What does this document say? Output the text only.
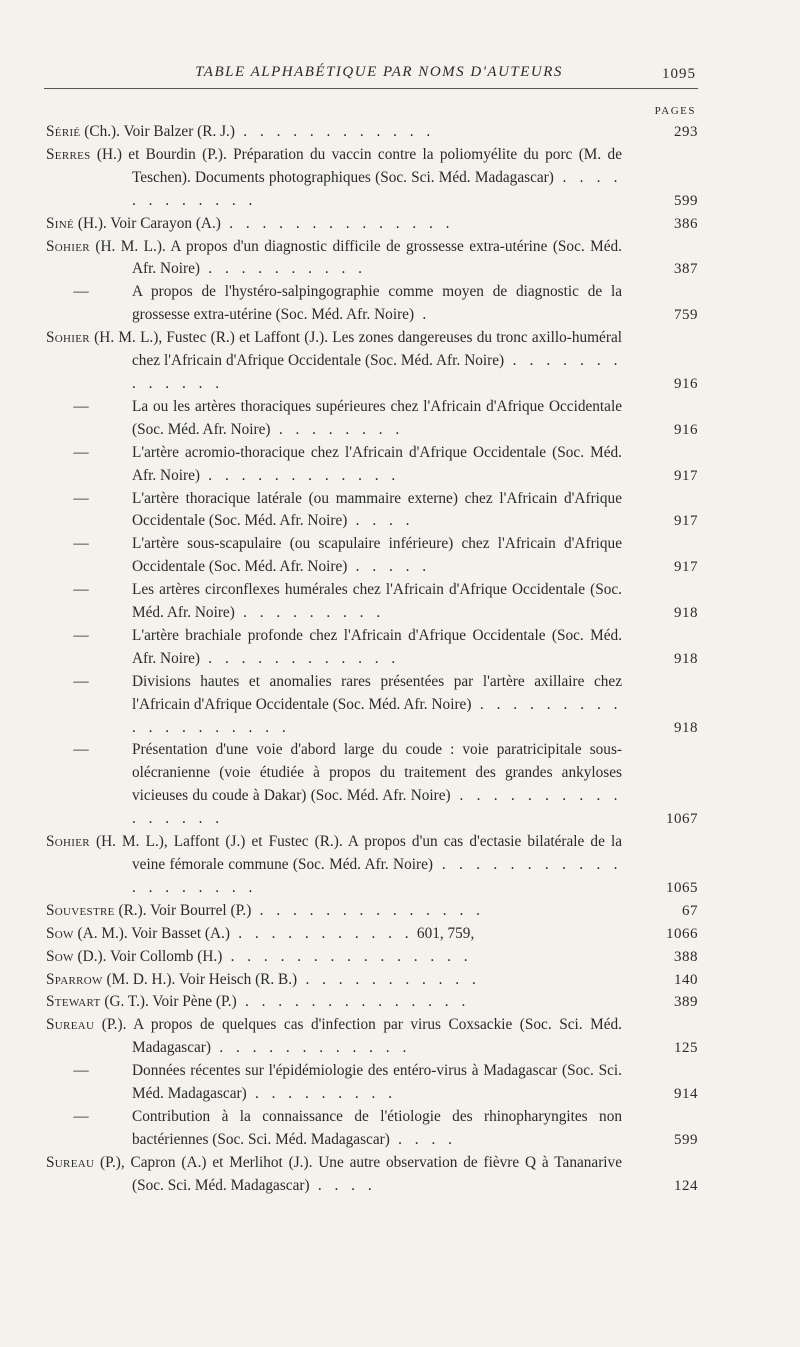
TABLE ALPHABÉTIQUE PAR NOMS D'AUTEURS	1095
PAGES
Sérié (Ch.). Voir Balzer (R. J.) . . . . . . . . . . . .	293
Serres (H.) et Bourdin (P.). Préparation du vaccin contre la poliomyélite du porc (M. de Teschen). Documents photographiques (Soc. Sci. Méd. Madagascar) . . . . . . . . . . . .	599
Siné (H.). Voir Carayon (A.) . . . . . . . . . . . . . .	386
Sohier (H. M. L.). A propos d'un diagnostic difficile de grossesse extra-utérine (Soc. Méd. Afr. Noire) . . . . . . . . . .	387
—	A propos de l'hystéro-salpingographie comme moyen de diagnostic de la grossesse extra-utérine (Soc. Méd. Afr. Noire) .	759
Sohier (H. M. L.), Fustec (R.) et Laffont (J.). Les zones dangereuses du tronc axillo-huméral chez l'Africain d'Afrique Occidentale (Soc. Méd. Afr. Noire) . . . . . . . . . . . . .	916
—	La ou les artères thoraciques supérieures chez l'Africain d'Afrique Occidentale (Soc. Méd. Afr. Noire) . . . . . . . .	916
—	L'artère acromio-thoracique chez l'Africain d'Afrique Occidentale (Soc. Méd. Afr. Noire) . . . . . . . . . . . .	917
—	L'artère thoracique latérale (ou mammaire externe) chez l'Africain d'Afrique Occidentale (Soc. Méd. Afr. Noire) . . . .	917
—	L'artère sous-scapulaire (ou scapulaire inférieure) chez l'Africain d'Afrique Occidentale (Soc. Méd. Afr. Noire) . . . . .	917
—	Les artères circonflexes humérales chez l'Africain d'Afrique Occidentale (Soc. Méd. Afr. Noire) . . . . . . . . .	918
—	L'artère brachiale profonde chez l'Africain d'Afrique Occidentale (Soc. Méd. Afr. Noire) . . . . . . . . . . . .	918
—	Divisions hautes et anomalies rares présentées par l'artère axillaire chez l'Africain d'Afrique Occidentale (Soc. Méd. Afr. Noire) . . . . . . . . . . . . . . . . . . .	918
—	Présentation d'une voie d'abord large du coude : voie paratricipitale sous-olécranienne (voie étudiée à propos du traitement des grandes ankyloses vicieuses du coude à Dakar) (Soc. Méd. Afr. Noire) . . . . . . . . . . . . . . . .	1067
Sohier (H. M. L.), Laffont (J.) et Fustec (R.). A propos d'un cas d'ectasie bilatérale de la veine fémorale commune (Soc. Méd. Afr. Noire) . . . . . . . . . . . . . . . . . . .	1065
Souvestre (R.). Voir Bourrel (P.) . . . . . . . . . . . . . .	67
Sow (A. M.). Voir Basset (A.) . . . . . . . . . . . 601, 759,	1066
Sow (D.). Voir Collomb (H.) . . . . . . . . . . . . . . .	388
Sparrow (M. D. H.). Voir Heisch (R. B.) . . . . . . . . . . .	140
Stewart (G. T.). Voir Pène (P.) . . . . . . . . . . . . . .	389
Sureau (P.). A propos de quelques cas d'infection par virus Coxsackie (Soc. Sci. Méd. Madagascar) . . . . . . . . . . . .	125
—	Données récentes sur l'épidémiologie des entéro-virus à Madagascar (Soc. Sci. Méd. Madagascar) . . . . . . . . .	914
—	Contribution à la connaissance de l'étiologie des rhinopharyngites non bactériennes (Soc. Sci. Méd. Madagascar) . . . .	599
Sureau (P.), Capron (A.) et Merlihot (J.). Une autre observation de fièvre Q à Tananarive (Soc. Sci. Méd. Madagascar) . . . .	124
